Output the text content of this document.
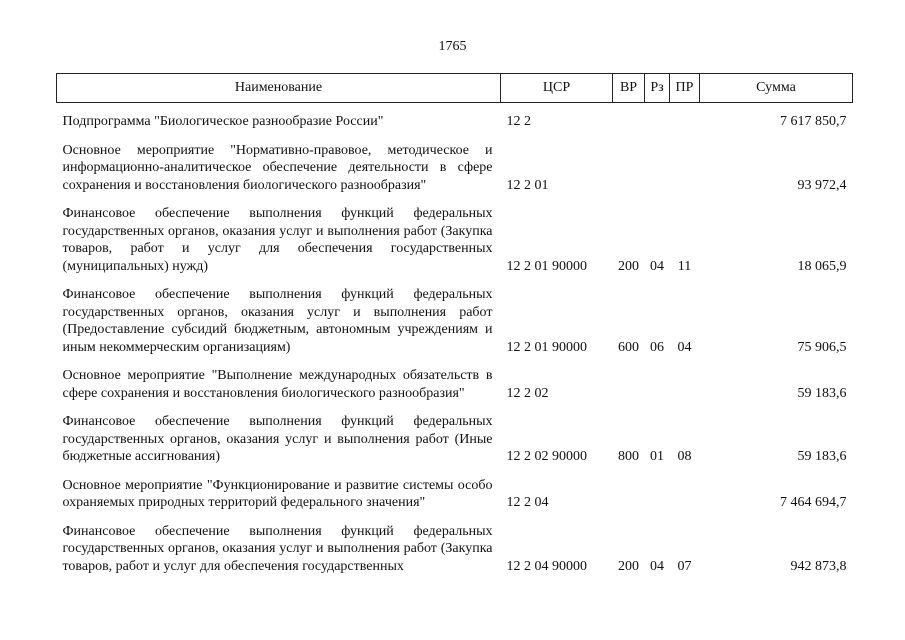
1765
Наименование	ЦСР	ВР	Рз	ПР	Сумма
Подпрограмма "Биологическое разнообразие России"	12 2				7 617 850,7
Основное мероприятие "Нормативно-правовое, методическое и информационно-аналитическое обеспечение деятельности в сфере сохранения и восстановления биологического разнообразия"	12 2 01				93 972,4
Финансовое обеспечение выполнения функций федеральных государственных органов, оказания услуг и выполнения работ (Закупка товаров, работ и услуг для обеспечения государственных (муниципальных) нужд)	12 2 01 90000	200	04	11	18 065,9
Финансовое обеспечение выполнения функций федеральных государственных органов, оказания услуг и выполнения работ (Предоставление субсидий бюджетным, автономным учреждениям и иным некоммерческим организациям)	12 2 01 90000	600	06	04	75 906,5
Основное мероприятие "Выполнение международных обязательств в сфере сохранения и восстановления биологического разнообразия"	12 2 02				59 183,6
Финансовое обеспечение выполнения функций федеральных государственных органов, оказания услуг и выполнения работ (Иные бюджетные ассигнования)	12 2 02 90000	800	01	08	59 183,6
Основное мероприятие "Функционирование и развитие системы особо охраняемых природных территорий федерального значения"	12 2 04				7 464 694,7
Финансовое обеспечение выполнения функций федеральных государственных органов, оказания услуг и выполнения работ (Закупка товаров, работ и услуг для обеспечения государственных	12 2 04 90000	200	04	07	942 873,8
